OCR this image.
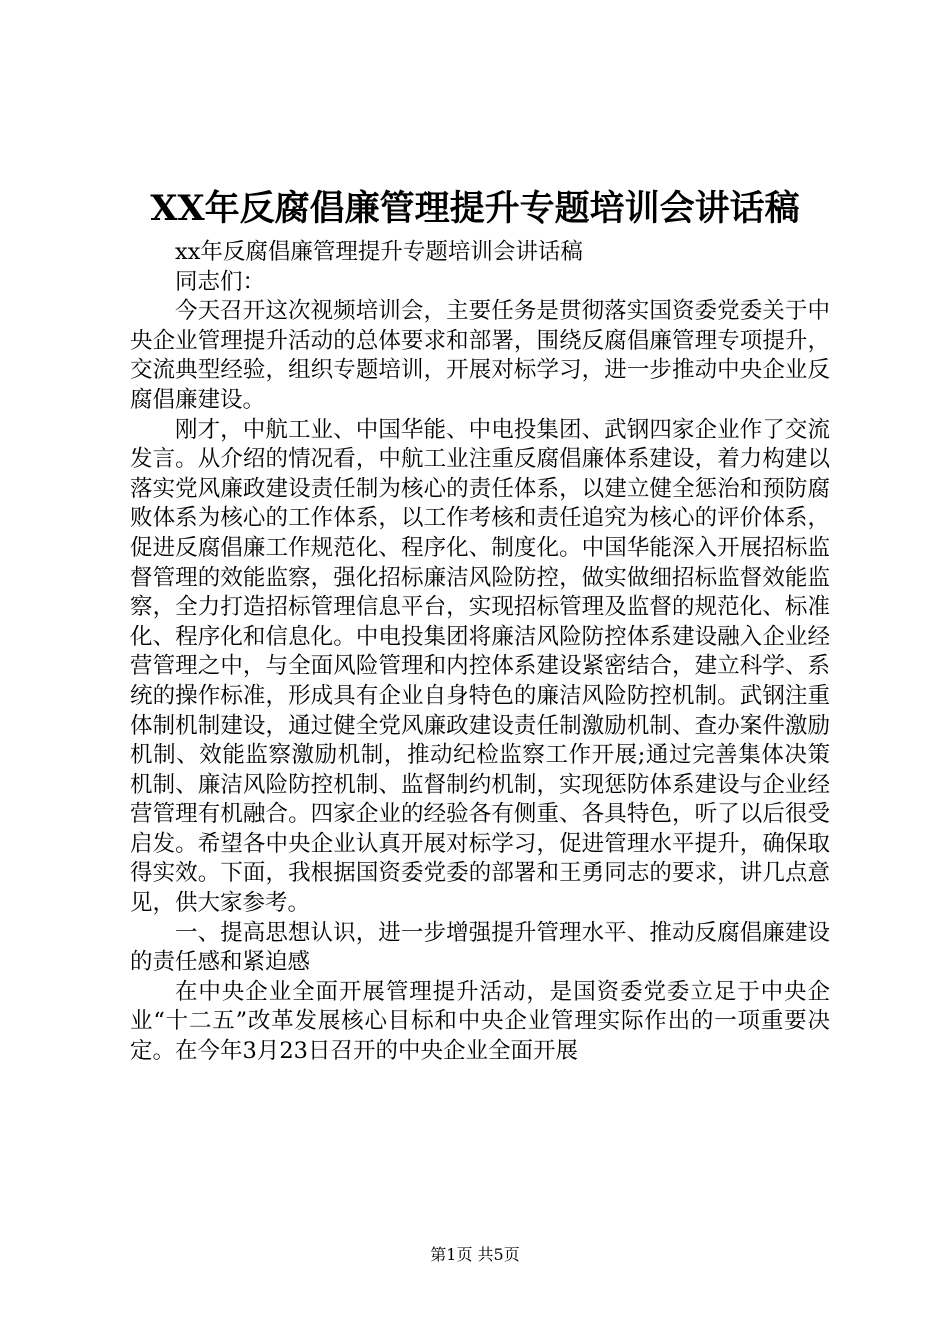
XX年反腐倡廉管理提升专题培训会讲话稿

xx年反腐倡廉管理提升专题培训会讲话稿

同志们：

今天召开这次视频培训会，主要任务是贯彻落实国资委党委关于中央企业管理提升活动的总体要求和部署，围绕反腐倡廉管理专项提升，交流典型经验，组织专题培训，开展对标学习，进一步推动中央企业反腐倡廉建设。

刚才，中航工业、中国华能、中电投集团、武钢四家企业作了交流发言。从介绍的情况看，中航工业注重反腐倡廉体系建设，着力构建以落实党风廉政建设责任制为核心的责任体系，以建立健全惩治和预防腐败体系为核心的工作体系，以工作考核和责任追究为核心的评价体系，促进反腐倡廉工作规范化、程序化、制度化。中国华能深入开展招标监督管理的效能监察，强化招标廉洁风险防控，做实做细招标监督效能监察，全力打造招标管理信息平台，实现招标管理及监督的规范化、标准化、程序化和信息化。中电投集团将廉洁风险防控体系建设融入企业经营管理之中，与全面风险管理和内控体系建设紧密结合，建立科学、系统的操作标准，形成具有企业自身特色的廉洁风险防控机制。武钢注重体制机制建设，通过健全党风廉政建设责任制激励机制、查办案件激励机制、效能监察激励机制，推动纪检监察工作开展;通过完善集体决策机制、廉洁风险防控机制、监督制约机制，实现惩防体系建设与企业经营管理有机融合。四家企业的经验各有侧重、各具特色，听了以后很受启发。希望各中央企业认真开展对标学习，促进管理水平提升，确保取得实效。下面，我根据国资委党委的部署和王勇同志的要求，讲几点意见，供大家参考。

一、提高思想认识，进一步增强提升管理水平、推动反腐倡廉建设的责任感和紧迫感

在中央企业全面开展管理提升活动，是国资委党委立足于中央企业“十二五”改革发展核心目标和中央企业管理实际作出的一项重要决定。在今年3月23日召开的中央企业全面开展

第1页 共5页
